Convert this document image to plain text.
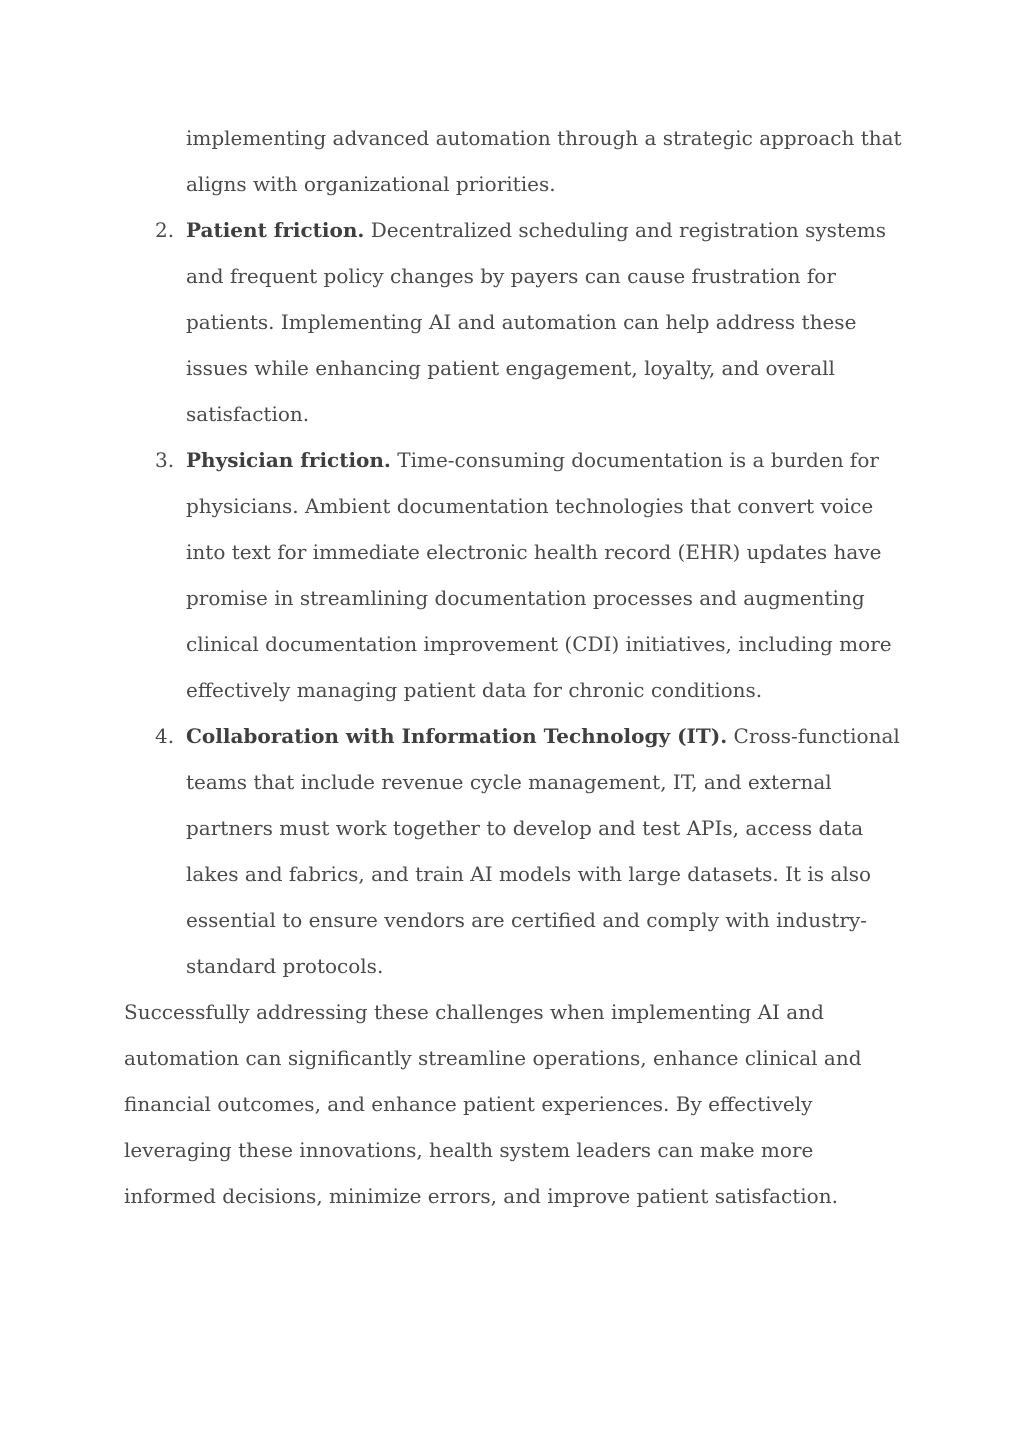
implementing advanced automation through a strategic approach that aligns with organizational priorities.

2. Patient friction. Decentralized scheduling and registration systems and frequent policy changes by payers can cause frustration for patients. Implementing AI and automation can help address these issues while enhancing patient engagement, loyalty, and overall satisfaction.
3. Physician friction. Time-consuming documentation is a burden for physicians. Ambient documentation technologies that convert voice into text for immediate electronic health record (EHR) updates have promise in streamlining documentation processes and augmenting clinical documentation improvement (CDI) initiatives, including more effectively managing patient data for chronic conditions.
4. Collaboration with Information Technology (IT). Cross-functional teams that include revenue cycle management, IT, and external partners must work together to develop and test APIs, access data lakes and fabrics, and train AI models with large datasets. It is also essential to ensure vendors are certified and comply with industry-standard protocols.

Successfully addressing these challenges when implementing AI and automation can significantly streamline operations, enhance clinical and financial outcomes, and enhance patient experiences. By effectively leveraging these innovations, health system leaders can make more informed decisions, minimize errors, and improve patient satisfaction.
